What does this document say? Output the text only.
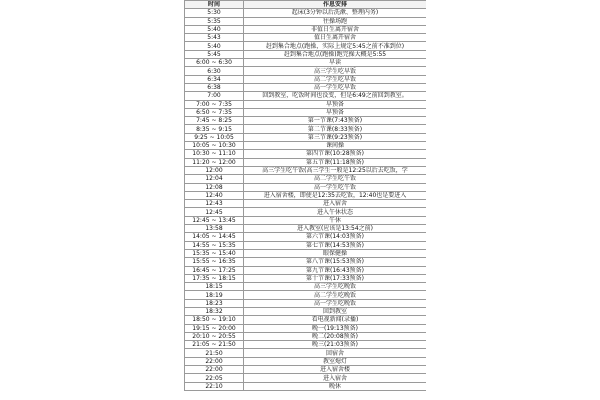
时间	作息安排
5:30	起床(3分钟以后洗漱、整理内务)
5:35	往操场跑
5:40	非值日生离开宿舍
5:43	值日生离开宿舍
5:40	赶到集合地点(跑操，实际上规定5:45之前不准到位)
5:45	赶到集合地点(跑操)跑完操大概是5:55
6:00 ~ 6:30	早读
6:30	高三学生吃早饭
6:34	高二学生吃早饭
6:38	高一学生吃早饭
7:00	回到教室，吃饭时间也没变，但是6:49之前回到教室。
7:00 ~ 7:35	早预备
6:50 ~ 7:35	早预备
7:45 ~ 8:25	第一节课(7:43预备)
8:35 ~ 9:15	第二节课(8:33预备)
9:25 ~ 10:05	第三节课(9:23预备)
10:05 ~ 10:30	课间操
10:30 ~ 11:10	第四节课(10:28预备)
11:20 ~ 12:00	第五节课(11:18预备)
12:00	高三学生吃午饭(高三学生一般是12:25以后去吃饭，学
12:04	高二学生吃午饭
12:08	高一学生吃午饭
12:40	进入宿舍楼，即使是12:35去吃饭，12:40也是要进入
12:43	进入宿舍
12:45	进入午休状态
12:45 ~ 13:45	午休
13:58	进入教室(应该是13:54之前)
14:05 ~ 14:45	第六节课(14:03预备)
14:55 ~ 15:35	第七节课(14:53预备)
15:35 ~ 15:40	眼保健操
15:55 ~ 16:35	第八节课(15:53预备)
16:45 ~ 17:25	第九节课(16:43预备)
17:35 ~ 18:15	第十节课(17:33预备)
18:15	高三学生吃晚饭
18:19	高二学生吃晚饭
18:23	高一学生吃晚饭
18:32	回到教室
18:50 ~ 19:10	看电视新闻(录播)
19:15 ~ 20:00	晚一(19:13预备)
20:10 ~ 20:55	晚二(20:08预备)
21:05 ~ 21:50	晚三(21:03预备)
21:50	回宿舍
22:00	教室熄灯
22:00	进入宿舍楼
22:05	进入宿舍
22:10	晚休
